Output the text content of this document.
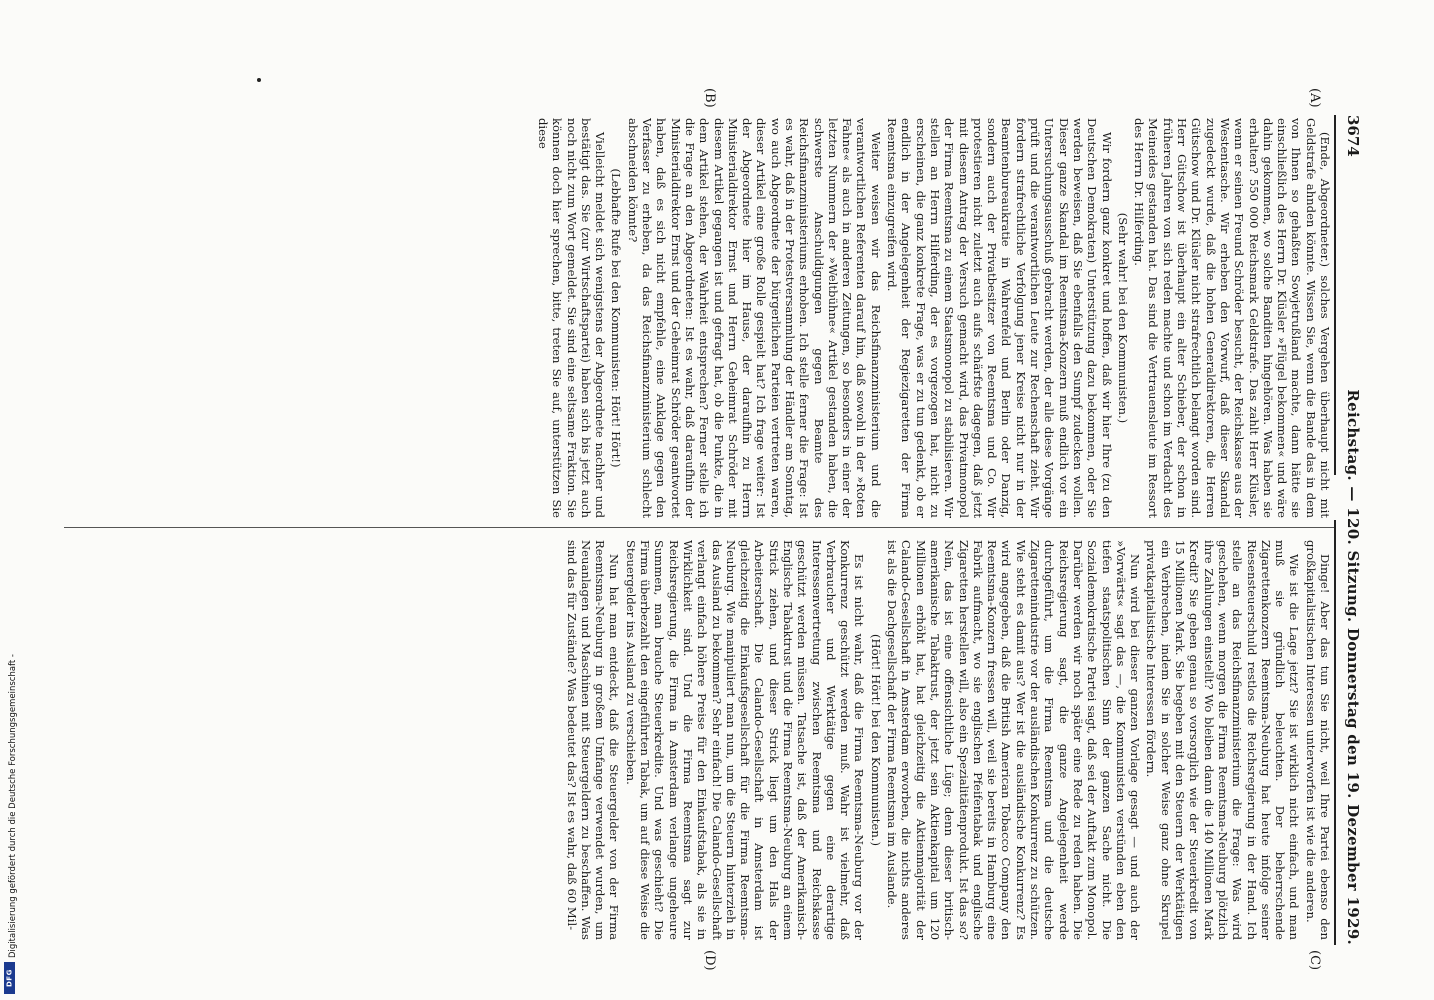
3674
Reichstag. — 120. Sitzung. Donnerstag den 19. Dezember 1929.
(A)
(B)
(C)
(D)

(Ende, Abgeordneter.) solches Vergehen überhaupt nicht mit Geldstrafe ahnden könnte. Wissen Sie, wenn die Bande das in dem von Ihnen so gehaßten Sowjetrußland machte, dann hätte sie einschließlich des Herrn Dr. Klüsler »Flügel bekommen« und wäre dahin gekommen, wo solche Banditen hingehören. Was haben sie erhalten? 550 000 Reichsmark Geldstrafe. Das zahlt Herr Klüsler, wenn er seinen Freund Schröder besucht, der Reichskasse aus der Westentasche. Wir erheben den Vorwurf, daß dieser Skandal zugedeckt wurde, daß die hohen Generaldirektoren, die Herren Gütschow und Dr. Klüsler nicht strafrechtlich belangt worden sind. Herr Gütschow ist überhaupt ein alter Schieber, der schon in früheren Jahren von sich reden machte und schon im Verdacht des Meineides gestanden hat. Das sind die Vertrauensleute im Ressort des Herrn Dr. Hilferding.

(Sehr wahr! bei den Kommunisten.)

Wir fordern ganz konkret und hoffen, daß wir hier Ihre (zu den Deutschen Demokraten) Unterstützung dazu bekommen, oder Sie werden beweisen, daß Sie ebenfalls den Sumpf zudecken wollen. Dieser ganze Skandal im Reemtsma-Konzern muß endlich vor ein Untersuchungsausschuß gebracht werden, der alle diese Vorgänge prüft und die verantwortlichen Leute zur Rechenschaft zieht. Wir fordern strafrechtliche Verfolgung jener Kreise nicht nur in der Beamtenbureaukratie in Wahrenfeld und Berlin oder Danzig, sondern auch der Privatbesitzer von Reemtsma und Co. Wir protestieren nicht zuletzt auch aufs schärfste dagegen, daß jetzt mit diesem Antrag der Versuch gemacht wird, das Privatmonopol der Firma Reemtsma zu einem Staatsmonopol zu stabilisieren. Wir stellen an Herrn Hilferding, der es vorgezogen hat, nicht zu erscheinen, die ganz konkrete Frage, was er zu tun gedenkt, ob er endlich in der Angelegenheit der Regiezigaretten der Firma Reemtsma einzugreifen wird.

Weiter weisen wir das Reichsfinanzministerium und die verantwortlichen Referenten darauf hin, daß sowohl in der »Roten Fahne« als auch in anderen Zeitungen, so besonders in einer der letzten Nummern der »Weltbühne« Artikel gestanden haben, die schwerste Anschuldigungen gegen Beamte des Reichsfinanzministeriums erhoben. Ich stelle ferner die Frage: Ist es wahr, daß in der Protestversammlung der Händler am Sonntag, wo auch Abgeordnete der bürgerlichen Parteien vertreten waren, dieser Artikel eine große Rolle gespielt hat? Ich frage weiter: Ist der Abgeordnete hier im Hause, der daraufhin zu Herrn Ministerialdirektor Ernst und Herrn Geheimrat Schröder mit diesem Artikel gegangen ist und gefragt hat, ob die Punkte, die in dem Artikel stehen, der Wahrheit entsprechen? Ferner stelle ich die Frage an den Abgeordneten: Ist es wahr, daß daraufhin der Ministerialdirektor Ernst und der Geheimrat Schröder geantwortet haben, daß es sich nicht empfehle, eine Anklage gegen den Verfasser zu erheben, da das Reichsfinanzministerium schlecht abschneiden könnte?

(Lebhafte Rufe bei den Kommunisten: Hört! Hört!)

Vielleicht meldet sich wenigstens der Abgeordnete nachher und bestätigt das. Sie (zur Wirtschaftspartei) haben sich bis jetzt auch noch nicht zum Wort gemeldet. Sie sind eine seltsame Fraktion. Sie können doch hier sprechen, bitte, treten Sie auf, unterstützen Sie diese

Dinge! Aber das tun Sie nicht, weil Ihre Partei ebenso den großkapitalistischen Interessen unterworfen ist wie die anderen.

Wie ist die Lage jetzt? Sie ist wirklich nicht einfach, und man muß sie gründlich beleuchten. Der beherrschende Zigarettenkonzern Reemtsma-Neuburg hat heute infolge seiner Riesensteuerschuld restlos die Reichsregierung in der Hand. Ich stelle an das Reichsfinanzministerium die Frage: Was wird geschehen, wenn morgen die Firma Reemtsma-Neuburg plötzlich ihre Zahlungen einstellt? Wo bleiben dann die 140 Millionen Mark Kredit? Sie geben genau so vorsorglich wie der Steuerkredit von 15 Millionen Mark. Sie begeben mit den Steuern der Werktätigen ein Verbrechen, indem Sie in solcher Weise ganz ohne Skrupel privatkapitalistische Interessen fördern.

Nun wird bei dieser ganzen Vorlage gesagt — und auch der »Vorwärts« sagt das —, die Kommunisten verstünden eben den tiefen staatspolitischen Sinn der ganzen Sache nicht. Die Sozialdemokratische Partei sagt, daß sei der Auftakt zum Monopol. Darüber werden wir noch später eine Rede zu reden haben. Die Reichsregierung sagt, die ganze Angelegenheit werde durchgeführt, um die Firma Reemtsma und die deutsche Zigarettenindustrie vor der ausländischen Konkurrenz zu schützen. Wie steht es damit aus? Wer ist die ausländische Konkurrenz? Es wird angegeben, daß die British American Tobacco Company den Reemtsma-Konzern fressen will, weil sie bereits in Hamburg eine Fabrik aufmacht, wo sie englischen Pfeifentabak und englische Zigaretten herstellen will, also ein Spezialitätenprodukt. Ist das so? Nein, das ist eine offensichtliche Lüge; denn dieser britisch-amerikanische Tabaktrust, der jetzt sein Aktienkapital um 120 Millionen erhöht hat, hat gleichzeitig die Aktienmajorität der Calando-Gesellschaft in Amsterdam erworben, die nichts anderes ist als die Dachgesellschaft der Firma Reemtsma im Auslande.

(Hört! Hört! bei den Kommunisten.)

Es ist nicht wahr, daß die Firma Reemtsma-Neuburg vor der Konkurrenz geschützt werden muß. Wahr ist vielmehr, daß Verbraucher und Werktätige gegen eine derartige Interessenvertretung zwischen Reemtsma und Reichskasse geschützt werden müssen. Tatsache ist, daß der Amerikanisch-Englische Tabaktrust und die Firma Reemtsma-Neuburg an einem Strick ziehen, und dieser Strick liegt um den Hals der Arbeiterschaft. Die Calando-Gesellschaft in Amsterdam ist gleichzeitig die Einkaufsgesellschaft für die Firma Reemtsma-Neuburg. Wie manipuliert man nun, um die Steuern hinterzieh in das Ausland zu bekommen? Sehr einfach! Die Calando-Gesellschaft verlangt einfach höhere Preise für den Einkaufstabak, als sie in Wirklichkeit sind. Und die Firma Reemtsma sagt zur Reichsregierung, die Firma in Amsterdam verlange ungeheure Summen, man brauche Steuerkredite. Und was geschieht? Die Firma überbezahlt den eingeführten Tabak, um auf diese Weise die Steuergelder ins Ausland zu verschieben.

Nun hat man entdeckt, daß die Steuergelder von der Firma Reemtsma-Neuburg in großem Umfange verwendet wurden, um Neuanlagen und Maschinen mit Steuergeldern zu beschaffen. Was sind das für Zustände? Was bedeutet das? Ist es wahr, daß 60 Mil-

Digitalisierung gefördert durch die Deutsche Forschungsgemeinschaft -
DFG
